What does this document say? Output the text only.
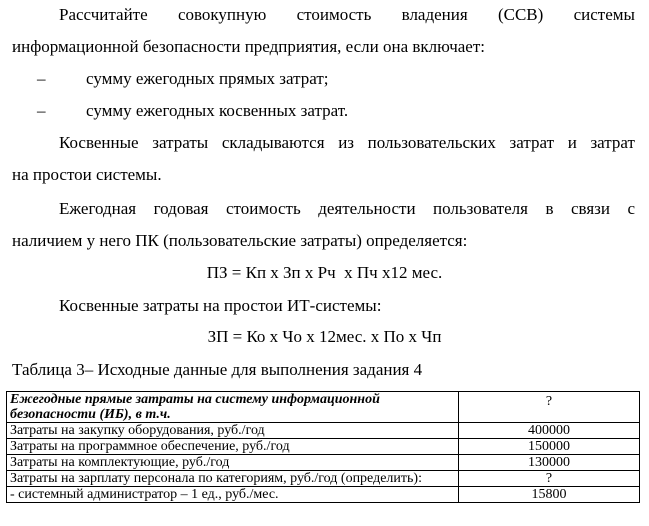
Рассчитайте совокупную стоимость владения (ССВ) системы
информационной безопасности предприятия, если она включает:
– сумму ежегодных прямых затрат;
– сумму ежегодных косвенных затрат.
Косвенные затраты складываются из пользовательских затрат и затрат
на простои системы.
Ежегодная годовая стоимость деятельности пользователя в связи с
наличием у него ПК (пользовательские затраты) определяется:
ПЗ = Кп х Зп х Рч  х Пч х12 мес.
Косвенные затраты на простои ИТ-системы:
ЗП = Ко х Чо х 12мес. х По х Чп
Таблица 3– Исходные данные для выполнения задания 4
Ежегодные прямые затраты на систему информационной безопасности (ИБ), в т.ч.	?
Затраты на закупку оборудования, руб./год	400000
Затраты на программное обеспечение, руб./год	150000
Затраты на комплектующие, руб./год	130000
Затраты на зарплату персонала по категориям, руб./год (определить):	?
- системный администратор – 1 ед., руб./мес.	15800
